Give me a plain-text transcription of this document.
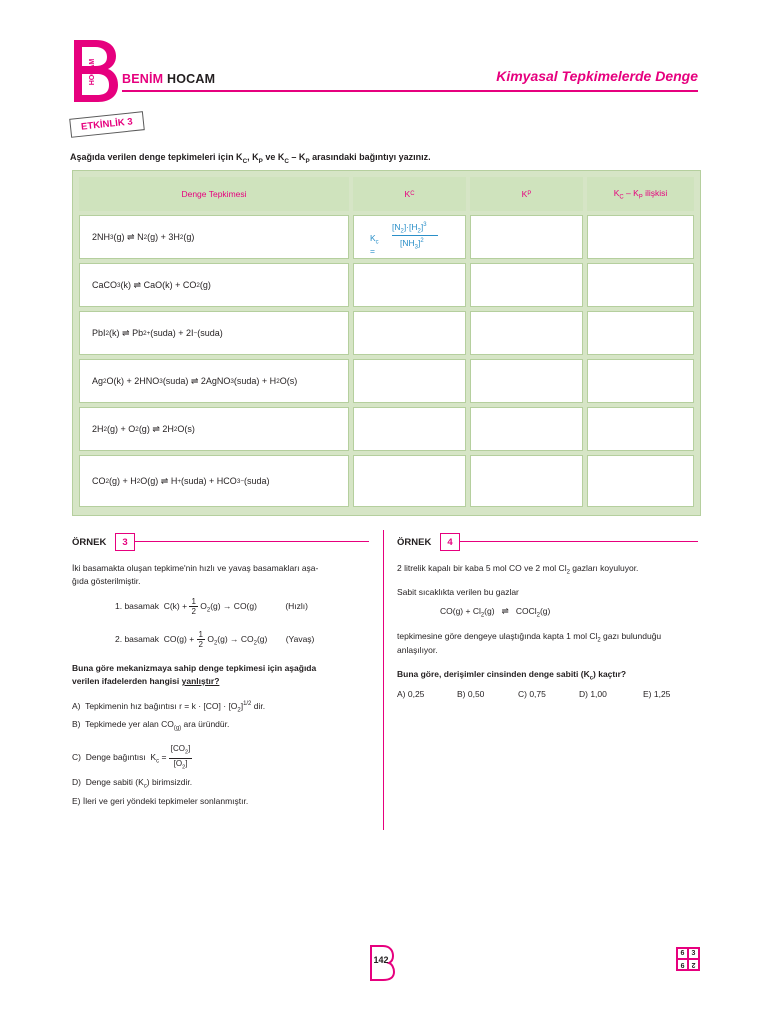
HOCAM BENİM HOCAM	Kimyasal Tepkimelerde Denge
ETKİNLİK 3
Aşağıda verilen denge tepkimeleri için $K_C$, $K_P$ ve $K_C - K_P$ arasındaki bağıntıyı yazınız.
Denge Tepkimesi	K C	K P	$K_C - K_P$ ilişkisi
2NH 3 (g) ⇌ N 2 (g) + 3H 2 (g)	$K_c$ =
$[N_2]\cdot[H_2]^3$
$[NH_3]^2$
CaCO 3 (k) ⇌ CaO(k) + CO 2 (g)
PbI 2 (k) ⇌ Pb 2+ (suda) + 2I − (suda)
Ag 2 O(k) + 2HNO 3 (suda) ⇌ 2AgNO 3 (suda) + H 2 O(s)
2H 2 (g) + O 2 (g) ⇌ 2H 2 O(s)
CO 2 (g) + H 2 O(g) ⇌ H + (suda) + HCO 3 − (suda)
ÖRNEK	3
İki basamakta oluşan tepkime'nin hızlı ve yavaş basamakları aşa-
ğıda gösterilmiştir.
1. basamak $C(k) + \frac{1}{2} O_2(g) \to CO(g)$	(Hızlı)
2. basamak $CO(g) + \frac{1}{2} O_2(g) \to CO_2(g)$ (Yavaş)
Buna göre mekanizmaya sahip denge tepkimesi için aşağıda
verilen ifadelerden hangisi yanlıştır?
A)  Tepkimenin hız bağıntısı $r = k \cdot [CO] \cdot [O_2]^{1/2}$ dir.
B)  Tepkimede yer alan $CO_{(g)}$ ara üründür.
C)  Denge bağıntısı  $K_c = \frac{[CO_2]}{[O_2]}$
D)  Denge sabiti $(K_c)$ birimsizdir.
E) İleri ve geri yöndeki tepkimeler sonlanmıştır.
ÖRNEK	4
2 litrelik kapalı bir kaba 5 mol CO ve 2 mol $Cl_2$ gazları koyuluyor.
Sabit sıcaklıkta verilen bu gazlar
$CO(g) + Cl_2(g)$   ⇌   COCl$_2$(g)
tepkimesine göre dengeye ulaştığında kapta 1 mol $Cl_2$ gazı bulunduğu
anlaşılıyor.
Buna göre, derişimler cinsinden denge sabiti $(K_c)$ kaçtır?
A) 0,25	B) 0,50	C) 0,75	D) 1,00	E) 1,25
142
6	3
9	2
